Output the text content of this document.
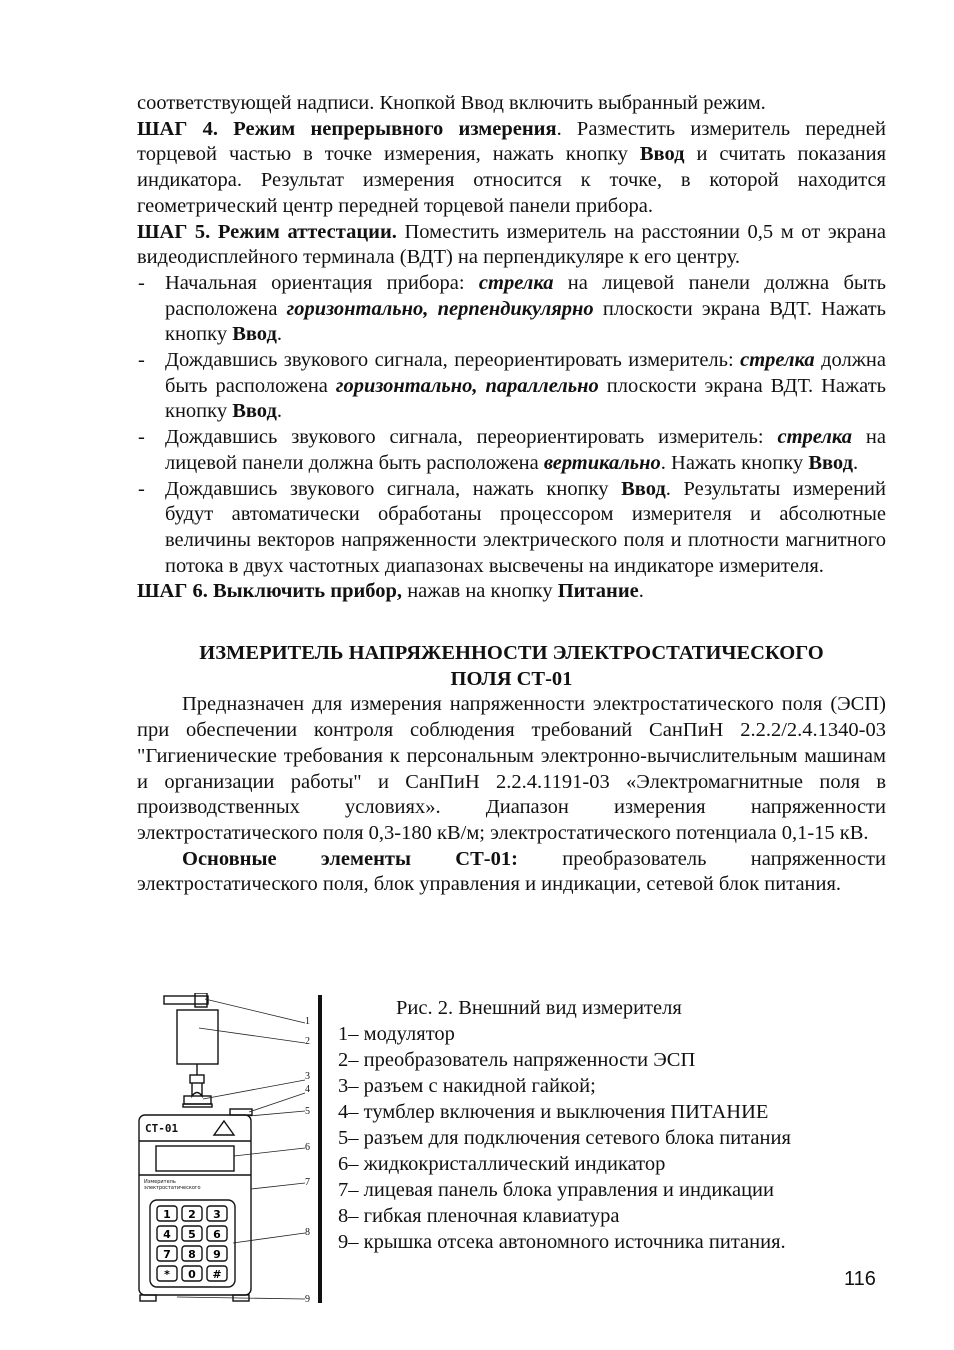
соответствующей надписи. Кнопкой Ввод включить выбранный режим.

ШАГ 4. Режим непрерывного измерения. Разместить измеритель передней торцевой частью в точке измерения, нажать кнопку Ввод и считать показания индикатора. Результат измерения относится к точке, в которой находится геометрический центр передней торцевой панели прибора.

ШАГ 5. Режим аттестации. Поместить измеритель на расстоянии 0,5 м от экрана видеодисплейного терминала (ВДТ) на перпендикуляре к его центру.

- Начальная ориентация прибора: стрелка на лицевой панели должна быть расположена горизонтально, перпендикулярно плоскости экрана ВДТ. Нажать кнопку Ввод.
- Дождавшись звукового сигнала, переориентировать измеритель: стрелка должна быть расположена горизонтально, параллельно плоскости экрана ВДТ. Нажать кнопку Ввод.
- Дождавшись звукового сигнала, переориентировать измеритель: стрелка на лицевой панели должна быть расположена вертикально. Нажать кнопку Ввод.
- Дождавшись звукового сигнала, нажать кнопку Ввод. Результаты измерений будут автоматически обработаны процессором измерителя и абсолютные величины векторов напряженности электрического поля и плотности магнитного потока в двух частотных диапазонах высвечены на индикаторе измерителя.

ШАГ 6. Выключить прибор, нажав на кнопку Питание.

ИЗМЕРИТЕЛЬ НАПРЯЖЕННОСТИ ЭЛЕКТРОСТАТИЧЕСКОГО
ПОЛЯ СТ-01

Предназначен для измерения напряженности электростатического поля (ЭСП) при обеспечении контроля соблюдения требований СанПиН 2.2.2/2.4.1340-03 "Гигиенические требования к персональным электронно-вычислительным машинам и организации работы" и СанПиН 2.2.4.1191-03 «Электромагнитные поля в производственных условиях». Диапазон измерения напряженности электростатического поля 0,3-180 кВ/м; электростатического потенциала 0,1-15 кВ.

Основные элементы СТ-01: преобразователь напряженности электростатического поля, блок управления и индикации, сетевой блок питания.

СТ-01
Измеритель
электростатического
1 2 3
4 5 6
7 8 9
* 0 #
1
2
3
4
5
6
7
8
9
Рис. 2. Внешний вид измерителя
1– модулятор
2– преобразователь напряженности ЭСП
3– разъем с накидной гайкой;
4– тумблер включения и выключения ПИТАНИЕ
5– разъем для подключения сетевого блока питания
6– жидкокристаллический индикатор
7– лицевая панель блока управления и индикации
8– гибкая пленочная клавиатура
9– крышка отсека автономного источника питания.
116
